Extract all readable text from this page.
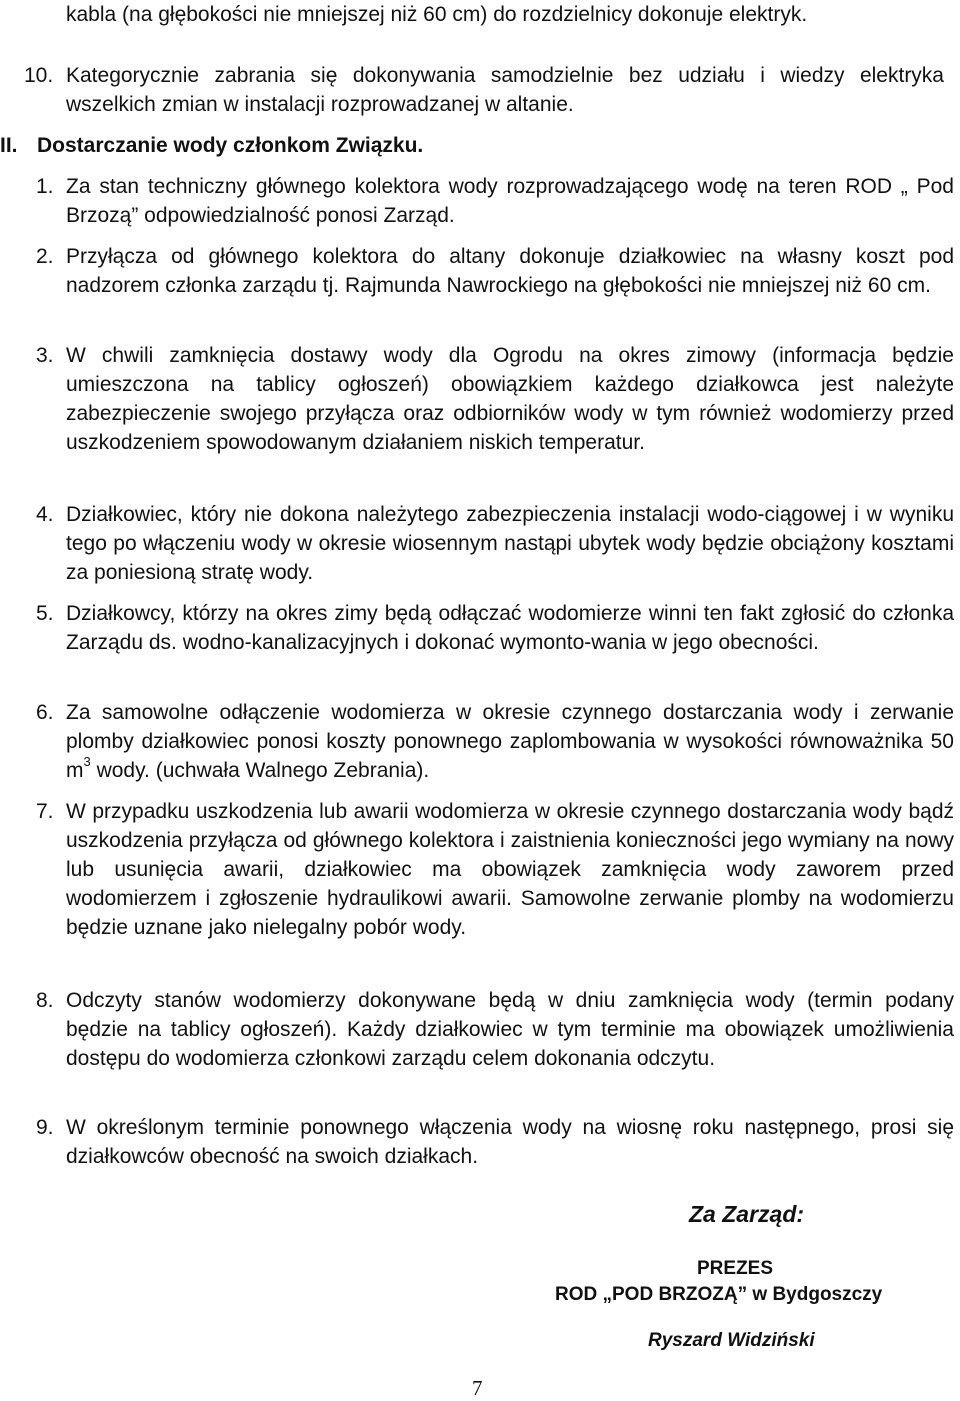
kabla (na głębokości nie mniejszej niż 60 cm) do rozdzielnicy dokonuje elektryk.
10. Kategorycznie zabrania się dokonywania samodzielnie bez udziału i wiedzy elektryka wszelkich zmian w instalacji rozprowadzanej w altanie.
II. Dostarczanie wody członkom Związku.
1. Za stan techniczny głównego kolektora wody rozprowadzającego wodę na teren ROD „ Pod Brzozą” odpowiedzialność ponosi Zarząd.
2. Przyłącza od głównego kolektora do altany dokonuje działkowiec na własny koszt pod nadzorem członka zarządu tj. Rajmunda Nawrockiego na głębokości nie mniejszej niż 60 cm.
3. W chwili zamknięcia dostawy wody dla Ogrodu na okres zimowy (informacja będzie umieszczona na tablicy ogłoszeń) obowiązkiem każdego działkowca jest należyte zabezpieczenie swojego przyłącza oraz odbiorników wody w tym również wodomierzy przed uszkodzeniem spowodowanym działaniem niskich temperatur.
4. Działkowiec, który nie dokona należytego zabezpieczenia instalacji wodo-ciągowej i w wyniku tego po włączeniu wody w okresie wiosennym nastąpi ubytek wody będzie obciążony kosztami za poniesioną stratę wody.
5. Działkowcy, którzy na okres zimy będą odłączać wodomierze winni ten fakt zgłosić do członka Zarządu ds. wodno-kanalizacyjnych i dokonać wymonto-wania w jego obecności.
6. Za samowolne odłączenie wodomierza w okresie czynnego dostarczania wody i zerwanie plomby działkowiec ponosi koszty ponownego zaplombowania w wysokości równoważnika 50 $m^3$ wody. (uchwała Walnego Zebrania).
7. W przypadku uszkodzenia lub awarii wodomierza w okresie czynnego dostarczania wody bądź uszkodzenia przyłącza od głównego kolektora i zaistnienia konieczności jego wymiany na nowy lub usunięcia awarii, działkowiec ma obowiązek zamknięcia wody zaworem przed wodomierzem i zgłoszenie hydraulikowi awarii. Samowolne zerwanie plomby na wodomierzu będzie uznane jako nielegalny pobór wody.
8. Odczyty stanów wodomierzy dokonywane będą w dniu zamknięcia wody (termin podany będzie na tablicy ogłoszeń). Każdy działkowiec w tym terminie ma obowiązek umożliwienia dostępu do wodomierza członkowi zarządu celem dokonania odczytu.
9. W określonym terminie ponownego włączenia wody na wiosnę roku następnego, prosi się działkowców obecność na swoich działkach.
Za Zarząd:
PREZES
ROD „POD BRZOZĄ” w Bydgoszczy
Ryszard Widziński
7
